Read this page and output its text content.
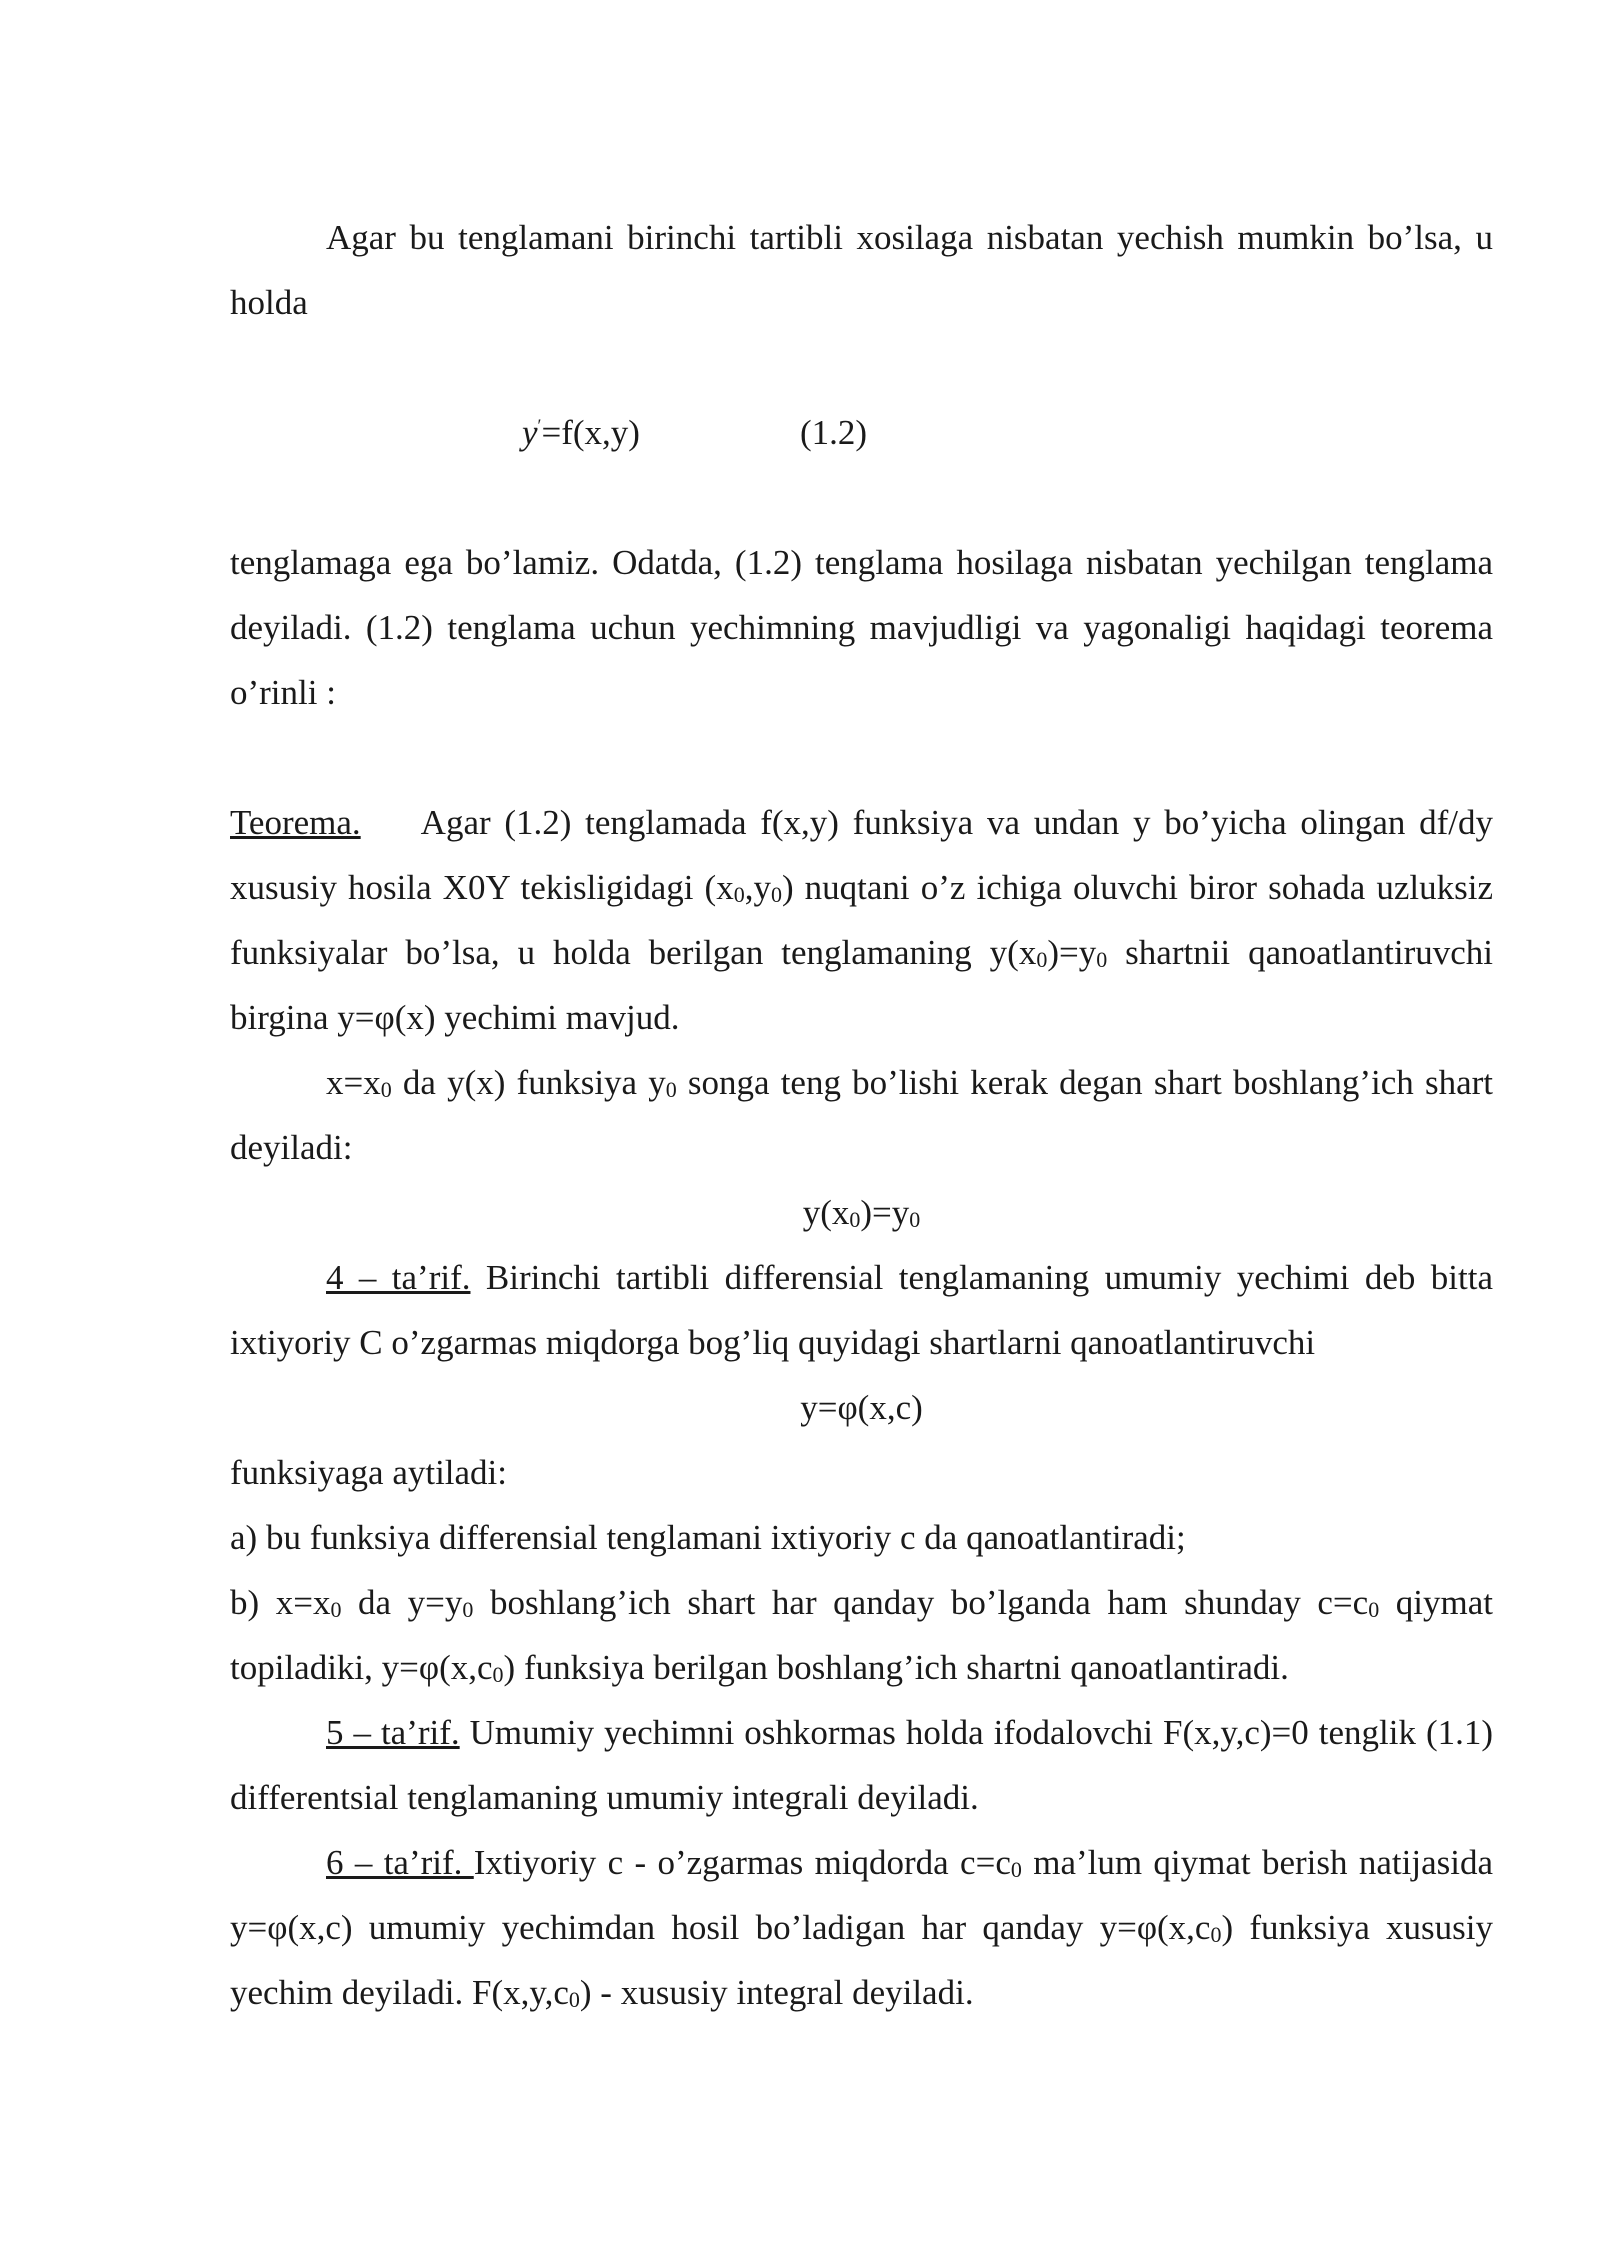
Agar bu tenglamani birinchi tartibli xosilaga nisbatan yechish mumkin bo’lsa, u holda

y′=f(x,y)	(1.2)

tenglamaga ega bo’lamiz. Odatda, (1.2) tenglama hosilaga nisbatan yechilgan tenglama deyiladi. (1.2) tenglama uchun yechimning mavjudligi va yagonaligi haqidagi teorema o’rinli :

Teorema. Agar (1.2) tenglamada f(x,y) funksiya va undan y bo’yicha olingan df/dy xususiy hosila X0Y tekisligidagi $(x_0,y_0)$ nuqtani o’z ichiga oluvchi biror sohada uzluksiz funksiyalar bo’lsa, u holda berilgan tenglamaning $y(x_0)=y_0$ shartnii qanoatlantiruvchi birgina y=φ(x) yechimi mavjud.

$x=x_0$ da y(x) funksiya $y_0$ songa teng bo’lishi kerak degan shart boshlang’ich shart deyiladi:

$y(x_0)=y_0$

4 – ta’rif. Birinchi tartibli differensial tenglamaning umumiy yechimi deb bitta ixtiyoriy C o’zgarmas miqdorga bog’liq quyidagi shartlarni qanoatlantiruvchi

y=φ(x,c)

funksiyaga aytiladi:

a) bu funksiya differensial tenglamani ixtiyoriy c da qanoatlantiradi;

b) $x=x_0$ da $y=y_0$ boshlang’ich shart har qanday bo’lganda ham shunday $c=c_0$ qiymat topiladiki, $y=\varphi(x,c_0)$ funksiya berilgan boshlang’ich shartni qanoatlantiradi.

5 – ta’rif. Umumiy yechimni oshkormas holda ifodalovchi F(x,y,c)=0 tenglik (1.1) differentsial tenglamaning umumiy integrali deyiladi.

6 – ta’rif. Ixtiyoriy c - o’zgarmas miqdorda $c=c_0$ ma’lum qiymat berish natijasida y=φ(x,c) umumiy yechimdan hosil bo’ladigan har qanday $y=\varphi(x,c_0)$ funksiya xususiy yechim deyiladi. $F(x,y,c_0)$ - xususiy integral deyiladi.
